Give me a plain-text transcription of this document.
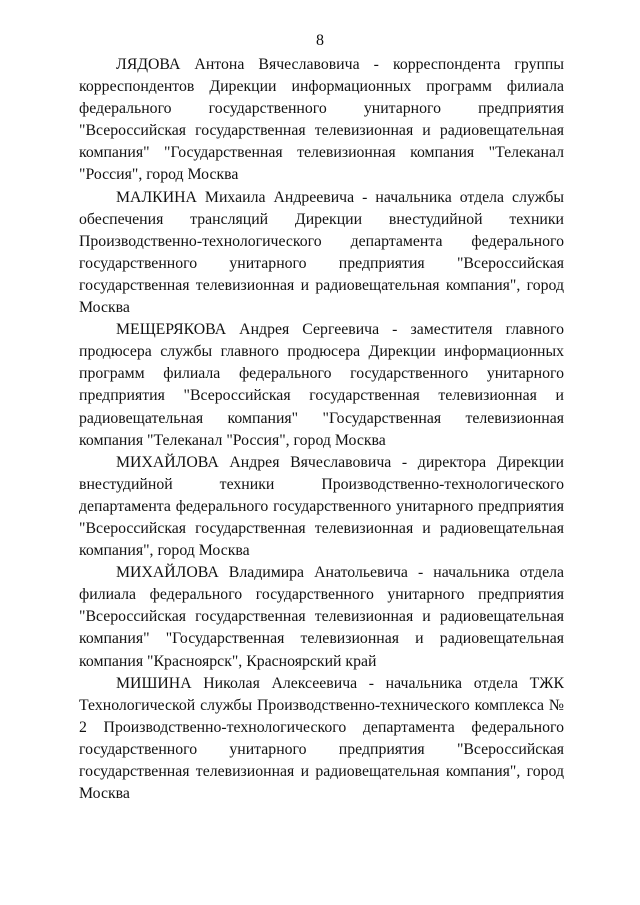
8

ЛЯДОВА Антона Вячеславовича - корреспондента группы корреспондентов Дирекции информационных программ филиала федерального государственного унитарного предприятия "Всероссийская государственная телевизионная и радиовещательная компания" "Государственная телевизионная компания "Телеканал "Россия", город Москва

МАЛКИНА Михаила Андреевича - начальника отдела службы обеспечения трансляций Дирекции внестудийной техники Производственно-технологического департамента федерального государственного унитарного предприятия "Всероссийская государственная телевизионная и радиовещательная компания", город Москва

МЕЩЕРЯКОВА Андрея Сергеевича - заместителя главного продюсера службы главного продюсера Дирекции информационных программ филиала федерального государственного унитарного предприятия "Всероссийская государственная телевизионная и радиовещательная компания" "Государственная телевизионная компания "Телеканал "Россия", город Москва

МИХАЙЛОВА Андрея Вячеславовича - директора Дирекции внестудийной техники Производственно-технологического департамента федерального государственного унитарного предприятия "Всероссийская государственная телевизионная и радиовещательная компания", город Москва

МИХАЙЛОВА Владимира Анатольевича - начальника отдела филиала федерального государственного унитарного предприятия "Всероссийская государственная телевизионная и радиовещательная компания" "Государственная телевизионная и радиовещательная компания "Красноярск", Красноярский край

МИШИНА Николая Алексеевича - начальника отдела ТЖК Технологической службы Производственно-технического комплекса № 2 Производственно-технологического департамента федерального государственного унитарного предприятия "Всероссийская государственная телевизионная и радиовещательная компания", город Москва
